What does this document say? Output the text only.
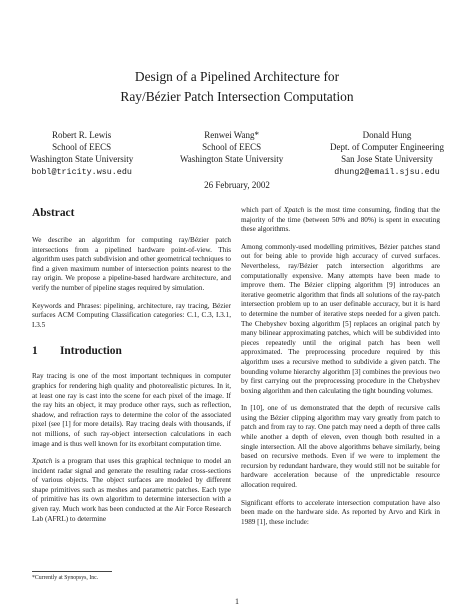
Design of a Pipelined Architecture for
Ray/Bézier Patch Intersection Computation
Robert R. Lewis
School of EECS
Washington State University
bobl@tricity.wsu.edu
Renwei Wang*
School of EECS
Washington State University
Donald Hung
Dept. of Computer Engineering
San Jose State University
dhung2@email.sjsu.edu
26 February, 2002
Abstract

We describe an algorithm for computing ray/Bézier patch intersections from a pipelined hardware point-of-view. This algorithm uses patch subdivision and other geometrical techniques to find a given maximum number of intersection points nearest to the ray origin. We propose a pipeline-based hardware architecture, and verify the number of pipeline stages required by simulation.

Keywords and Phrases: pipelining, architecture, ray tracing, Bézier surfaces ACM Computing Classification categories: C.1, C.3, I.3.1, I.3.5

1 Introduction

Ray tracing is one of the most important techniques in computer graphics for rendering high quality and photorealistic pictures. In it, at least one ray is cast into the scene for each pixel of the image. If the ray hits an object, it may produce other rays, such as reflection, shadow, and refraction rays to determine the color of the associated pixel (see [1] for more details). Ray tracing deals with thousands, if not millions, of such ray-object intersection calculations in each image and is thus well known for its exorbitant computation time.

Xpatch is a program that uses this graphical technique to model an incident radar signal and generate the resulting radar cross-sections of various objects. The object surfaces are modeled by different shape primitives such as meshes and parametric patches. Each type of primitive has its own algorithm to determine intersection with a given ray. Much work has been conducted at the Air Force Research Lab (AFRL) to determine

which part of Xpatch is the most time consuming, finding that the majority of the time (between 50% and 80%) is spent in executing these algorithms.

Among commonly-used modelling primitives, Bézier patches stand out for being able to provide high accuracy of curved surfaces. Nevertheless, ray/Bézier patch intersection algorithms are computationally expensive. Many attempts have been made to improve them. The Bézier clipping algorithm [9] introduces an iterative geometric algorithm that finds all solutions of the ray-patch intersection problem up to an user definable accuracy, but it is hard to determine the number of iterative steps needed for a given patch. The Chebyshev boxing algorithm [5] replaces an original patch by many bilinear approximating patches, which will be subdivided into pieces repeatedly until the original patch has been well approximated. The preprocessing procedure required by this algorithm uses a recursive method to subdivide a given patch. The bounding volume hierarchy algorithm [3] combines the previous two by first carrying out the preprocessing procedure in the Chebyshev boxing algorithm and then calculating the tight bounding volumes.

In [10], one of us demonstrated that the depth of recursive calls using the Bézier clipping algorithm may vary greatly from patch to patch and from ray to ray. One patch may need a depth of three calls while another a depth of eleven, even though both resulted in a single intersection. All the above algorithms behave similarly, being based on recursive methods. Even if we were to implement the recursion by redundant hardware, they would still not be suitable for hardware acceleration because of the unpredictable resource allocation required.

Significant efforts to accelerate intersection computation have also been made on the hardware side. As reported by Arvo and Kirk in 1989 [1], these include:

*Currently at Synopsys, Inc.
1
